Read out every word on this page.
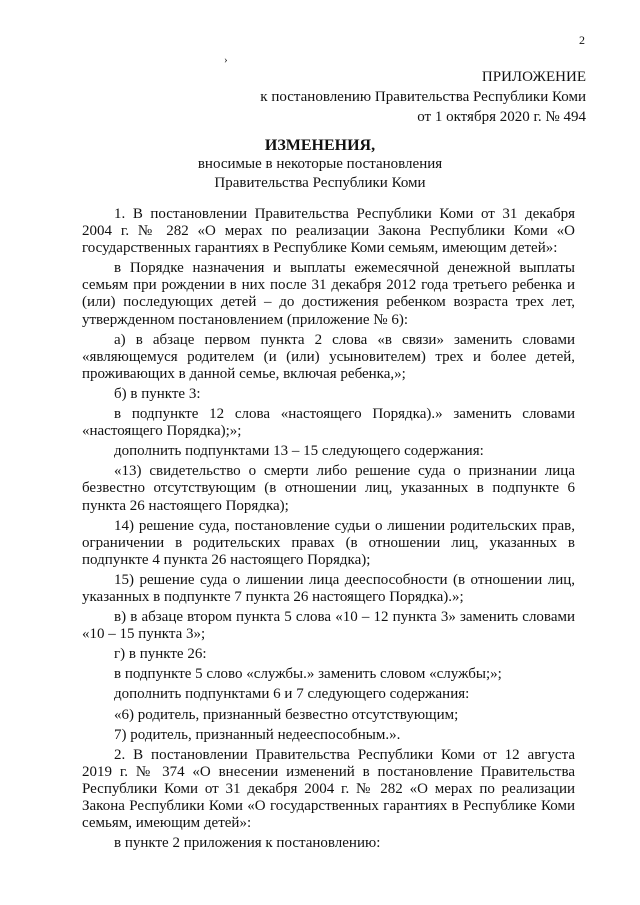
2
›
ПРИЛОЖЕНИЕ
к постановлению Правительства Республики Коми
от 1 октября 2020 г. № 494
ИЗМЕНЕНИЯ,
вносимые в некоторые постановления
Правительства Республики Коми

1. В постановлении Правительства Республики Коми от 31 декабря 2004 г. № 282 «О мерах по реализации Закона Республики Коми «О государственных гарантиях в Республике Коми семьям, имеющим детей»:

в Порядке назначения и выплаты ежемесячной денежной выплаты семьям при рождении в них после 31 декабря 2012 года третьего ребенка и (или) последующих детей – до достижения ребенком возраста трех лет, утвержденном постановлением (приложение № 6):

а) в абзаце первом пункта 2 слова «в связи» заменить словами «являющемуся родителем (и (или) усыновителем) трех и более детей, проживающих в данной семье, включая ребенка,»;

б) в пункте 3:

в подпункте 12 слова «настоящего Порядка).» заменить словами «настоящего Порядка);»;

дополнить подпунктами 13 – 15 следующего содержания:

«13) свидетельство о смерти либо решение суда о признании лица безвестно отсутствующим (в отношении лиц, указанных в подпункте 6 пункта 26 настоящего Порядка);

14) решение суда, постановление судьи о лишении родительских прав, ограничении в родительских правах (в отношении лиц, указанных в подпункте 4 пункта 26 настоящего Порядка);

15) решение суда о лишении лица дееспособности (в отношении лиц, указанных в подпункте 7 пункта 26 настоящего Порядка).»;

в) в абзаце втором пункта 5 слова «10 – 12 пункта 3» заменить словами «10 – 15 пункта 3»;

г) в пункте 26:

в подпункте 5 слово «службы.» заменить словом «службы;»;

дополнить подпунктами 6 и 7 следующего содержания:

«6) родитель, признанный безвестно отсутствующим;

7) родитель, признанный недееспособным.».

2. В постановлении Правительства Республики Коми от 12 августа 2019 г. № 374 «О внесении изменений в постановление Правительства Республики Коми от 31 декабря 2004 г. № 282 «О мерах по реализации Закона Республики Коми «О государственных гарантиях в Республике Коми семьям, имеющим детей»:

в пункте 2 приложения к постановлению:
